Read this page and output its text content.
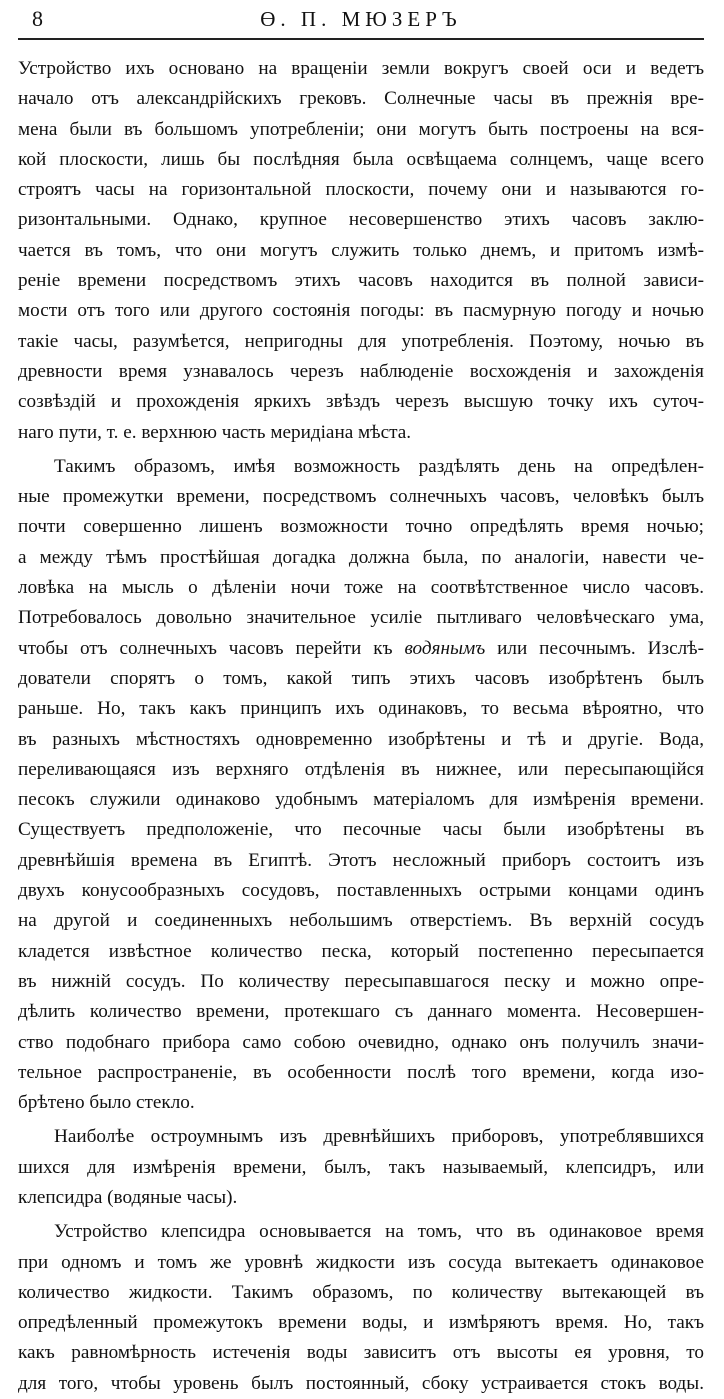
8	Ө. П. МЮЗЕРЪ

Устройство ихъ основано на вращеніи земли вокругъ своей оси и ведетъ
начало отъ александрійскихъ грековъ. Солнечные часы въ прежнія вре-
мена были въ большомъ употребленіи; они могутъ быть построены на вся-
кой плоскости, лишь бы послѣдняя была освѣщаема солнцемъ, чаще всего
строятъ часы на горизонтальной плоскости, почему они и называются го-
ризонтальными. Однако, крупное несовершенство этихъ часовъ заклю-
чается въ томъ, что они могутъ служить только днемъ, и притомъ измѣ-
реніе времени посредствомъ этихъ часовъ находится въ полной зависи-
мости отъ того или другого состоянія погоды: въ пасмурную погоду и ночью
такіе часы, разумѣется, непригодны для употребленія. Поэтому, ночью въ
древности время узнавалось черезъ наблюденіе восхожденія и захожденія
созвѣздій и прохожденія яркихъ звѣздъ черезъ высшую точку ихъ суточ-
наго пути, т. е. верхнюю часть меридіана мѣста.

Такимъ образомъ, имѣя возможность раздѣлять день на опредѣлен-
ные промежутки времени, посредствомъ солнечныхъ часовъ, человѣкъ былъ
почти совершенно лишенъ возможности точно опредѣлять время ночью;
а между тѣмъ простѣйшая догадка должна была, по аналогіи, навести че-
ловѣка на мысль о дѣленіи ночи тоже на соотвѣтственное число часовъ.
Потребовалось довольно значительное усиліе пытливаго человѣческаго ума,
чтобы отъ солнечныхъ часовъ перейти къ водянымъ или песочнымъ. Изслѣ-
дователи спорятъ о томъ, какой типъ этихъ часовъ изобрѣтенъ былъ
раньше. Но, такъ какъ принципъ ихъ одинаковъ, то весьма вѣроятно, что
въ разныхъ мѣстностяхъ одновременно изобрѣтены и тѣ и другіе. Вода,
переливающаяся изъ верхняго отдѣленія въ нижнее, или пересыпающійся
песокъ служили одинаково удобнымъ матеріаломъ для измѣренія времени.
Существуетъ предположеніе, что песочные часы были изобрѣтены въ
древнѣйшія времена въ Египтѣ. Этотъ несложный приборъ состоитъ изъ
двухъ конусообразныхъ сосудовъ, поставленныхъ острыми концами одинъ
на другой и соединенныхъ небольшимъ отверстіемъ. Въ верхній сосудъ
кладется извѣстное количество песка, который постепенно пересыпается
въ нижній сосудъ. По количеству пересыпавшагося песку и можно опре-
дѣлить количество времени, протекшаго съ даннаго момента. Несовершен-
ство подобнаго прибора само собою очевидно, однако онъ получилъ значи-
тельное распространеніе, въ особенности послѣ того времени, когда изо-
брѣтено было стекло.

Наиболѣе остроумнымъ изъ древнѣйшихъ приборовъ, употреблявшихся
шихся для измѣренія времени, былъ, такъ называемый, клепсидръ, или
клепсидра (водяные часы).

Устройство клепсидра основывается на томъ, что въ одинаковое время
при одномъ и томъ же уровнѣ жидкости изъ сосуда вытекаетъ одинаковое
количество жидкости. Такимъ образомъ, по количеству вытекающей въ
опредѣленный промежутокъ времени воды, и измѣряютъ время. Но, такъ
какъ равномѣрность истеченія воды зависитъ отъ высоты ея уровня, то
для того, чтобы уровень былъ постоянный, сбоку устраивается стокъ воды.
